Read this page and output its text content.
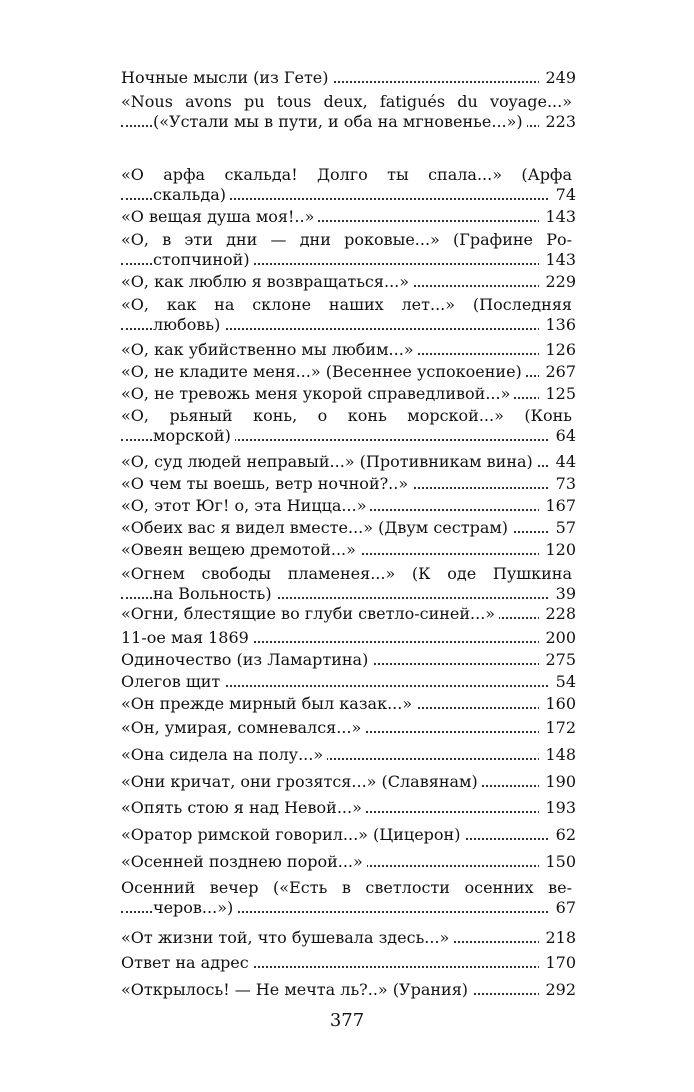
Ночные мысли (из Гете)	249
«Nous avons pu tous deux, fatigués du voyage...»
(«Устали мы в пути, и оба на мгновенье...»)	223
«О арфа скальда! Долго ты спала...» (Арфа
скальда)	74
«О вещая душа моя!..»	143
«О, в эти дни — дни роковые...» (Графине Ро-
стопчиной)	143
«О, как люблю я возвращаться...»	229
«О, как на склоне наших лет...» (Последняя
любовь)	136
«О, как убийственно мы любим...»	126
«О, не кладите меня...» (Весеннее успокоение)	267
«О, не тревожь меня укорой справедливой...»	125
«О, рьяный конь, о конь морской...» (Конь
морской)	64
«О, суд людей неправый...» (Противникам вина)	44
«О чем ты воешь, ветр ночной?..»	73
«О, этот Юг! о, эта Ницца...»	167
«Обеих вас я видел вместе...» (Двум сестрам)	57
«Овеян вещею дремотой...»	120
«Огнем свободы пламенея...» (К оде Пушкина
на Вольность)	39
«Огни, блестящие во глуби светло-синей...»	228
11-ое мая 1869	200
Одиночество (из Ламартина)	275
Олегов щит	54
«Он прежде мирный был казак...»	160
«Он, умирая, сомневался...»	172
«Она сидела на полу...»	148
«Они кричат, они грозятся...» (Славянам)	190
«Опять стою я над Невой...»	193
«Оратор римской говорил...» (Цицерон)	62
«Осенней позднею порой...»	150
Осенний вечер («Есть в светлости осенних ве-
черов...»)	67
«От жизни той, что бушевала здесь...»	218
Ответ на адрес	170
«Открылось! — Не мечта ль?..» (Урания)	292
377
